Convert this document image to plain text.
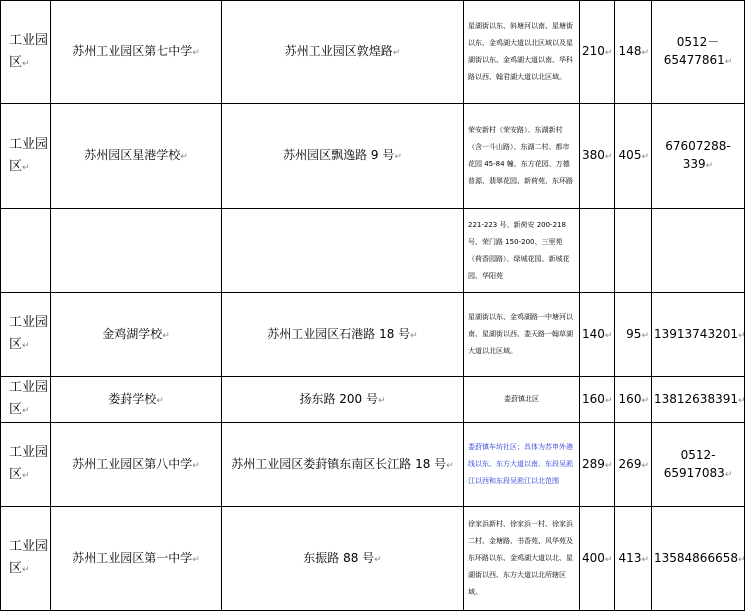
工业园区↵	苏州工业园区第七中学↵	苏州工业园区敦煌路↵	星湖街以东、斜塘河以南、星塘街以东、金鸡湖大道以北区域以及星湖街以东、金鸡湖大道以南、华科路以西、翰君湖大道以北区域。	210↵	148↵	0512－65477861↵
工业园区↵	苏州园区星港学校↵	苏州园区飘逸路 9 号↵	荣安新村（荣安路）、东湖新村（含一斗山路）、东湖二村、都市花园 45-84 幢、东方花园、万德普源、翡翠花园、新荷苑、东环路	380↵	405↵	67607288-339↵
			221-223 号、新荷安 200-218 号、荣门路 150-200、三里苑（荷香园路）、绿城花园、新城花园、华阳苑			
工业园区↵	金鸡湖学校↵	苏州工业园区石港路 18 号↵	星湖街以东、金鸡湖路一中塘河以南、星湖街以西、娄天路一翰草湖大道以北区域。	140↵	95↵	13913743201↵
工业园区↵	娄葑学校↵	扬东路 200 号↵	娄葑镇北区	160↵	160↵	13812638391↵
工业园区↵	苏州工业园区第八中学↵	苏州工业园区娄葑镇东南区长江路 18 号↵	娄葑镇车坊社区；具体为苏申外港线以东、东方大道以南、东段吴淞江以西和东段吴淞江以北范围	289↵	269↵	0512-65917083↵
工业园区↵	苏州工业园区第一中学↵	东振路 88 号↵	徐家浜新村、徐家浜一村、徐家浜二村、金塘路、书香苑、风华苑及东环路以东、金鸡湖大道以北、星湖街以西、东方大道以北所辖区域。	400↵	413↵	13584866658↵
